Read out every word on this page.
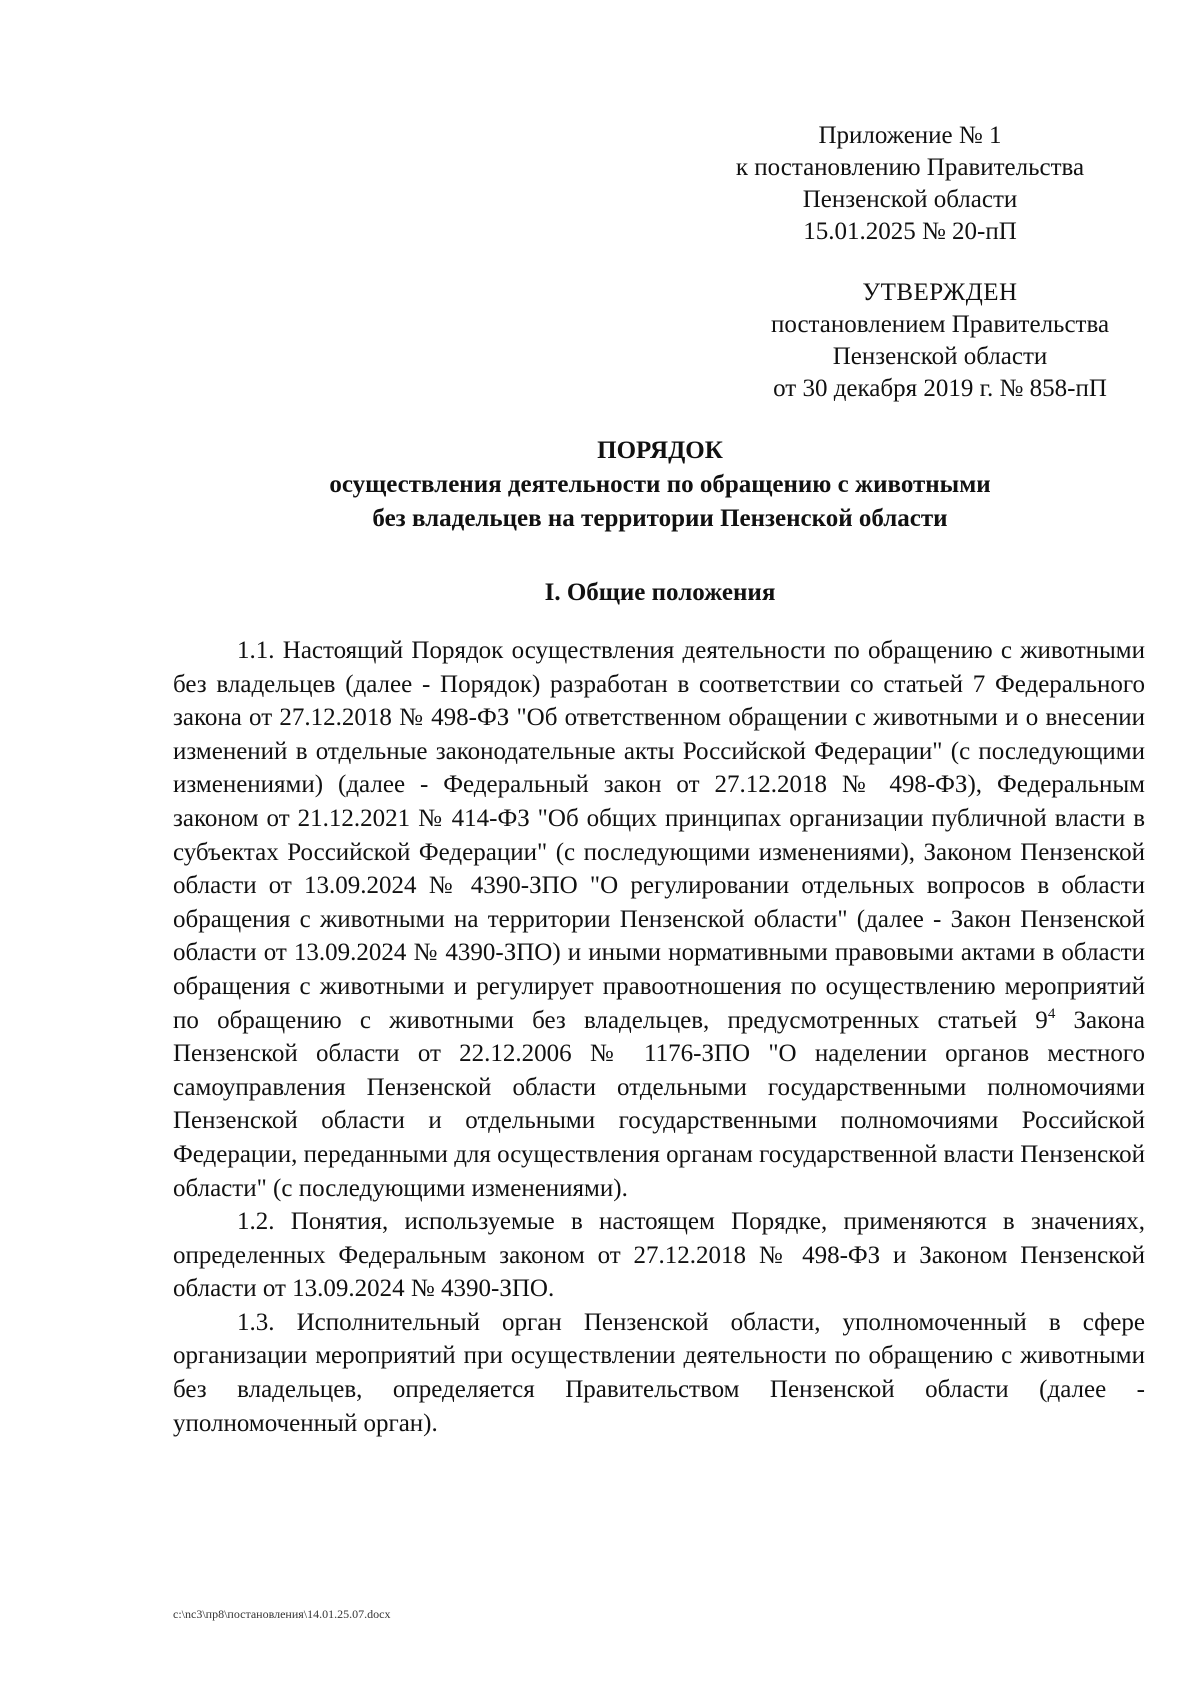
Приложение № 1
к постановлению Правительства
Пензенской области
15.01.2025 № 20-пП
УТВЕРЖДЕН
постановлением Правительства
Пензенской области
от 30 декабря 2019 г. № 858-пП
ПОРЯДОК
осуществления деятельности по обращению с животными
без владельцев на территории Пензенской области
I. Общие положения

1.1. Настоящий Порядок осуществления деятельности по обращению с животными без владельцев (далее - Порядок) разработан в соответствии со статьей 7 Федерального закона от 27.12.2018 № 498-ФЗ "Об ответственном обращении с животными и о внесении изменений в отдельные законодательные акты Российской Федерации" (с последующими изменениями) (далее - Федеральный закон от 27.12.2018 № 498-ФЗ), Федеральным законом от 21.12.2021 № 414-ФЗ "Об общих принципах организации публичной власти в субъектах Российской Федерации" (с последующими изменениями), Законом Пензенской области от 13.09.2024 № 4390-ЗПО "О регулировании отдельных вопросов в области обращения с животными на территории Пензенской области" (далее - Закон Пензенской области от 13.09.2024 № 4390-ЗПО) и иными нормативными правовыми актами в области обращения с животными и регулирует правоотношения по осуществлению мероприятий по обращению с животными без владельцев, предусмотренных статьей $9^4$ Закона Пензенской области от 22.12.2006 № 1176-ЗПО "О наделении органов местного самоуправления Пензенской области отдельными государственными полномочиями Пензенской области и отдельными государственными полномочиями Российской Федерации, переданными для осуществления органам государственной власти Пензенской области" (с последующими изменениями).

1.2. Понятия, используемые в настоящем Порядке, применяются в значениях, определенных Федеральным законом от 27.12.2018 № 498-ФЗ и Законом Пензенской области от 13.09.2024 № 4390-ЗПО.

1.3. Исполнительный орган Пензенской области, уполномоченный в сфере организации мероприятий при осуществлении деятельности по обращению с животными без владельцев, определяется Правительством Пензенской области (далее - уполномоченный орган).

c:\nc3\пр8\постановления\14.01.25.07.docx
